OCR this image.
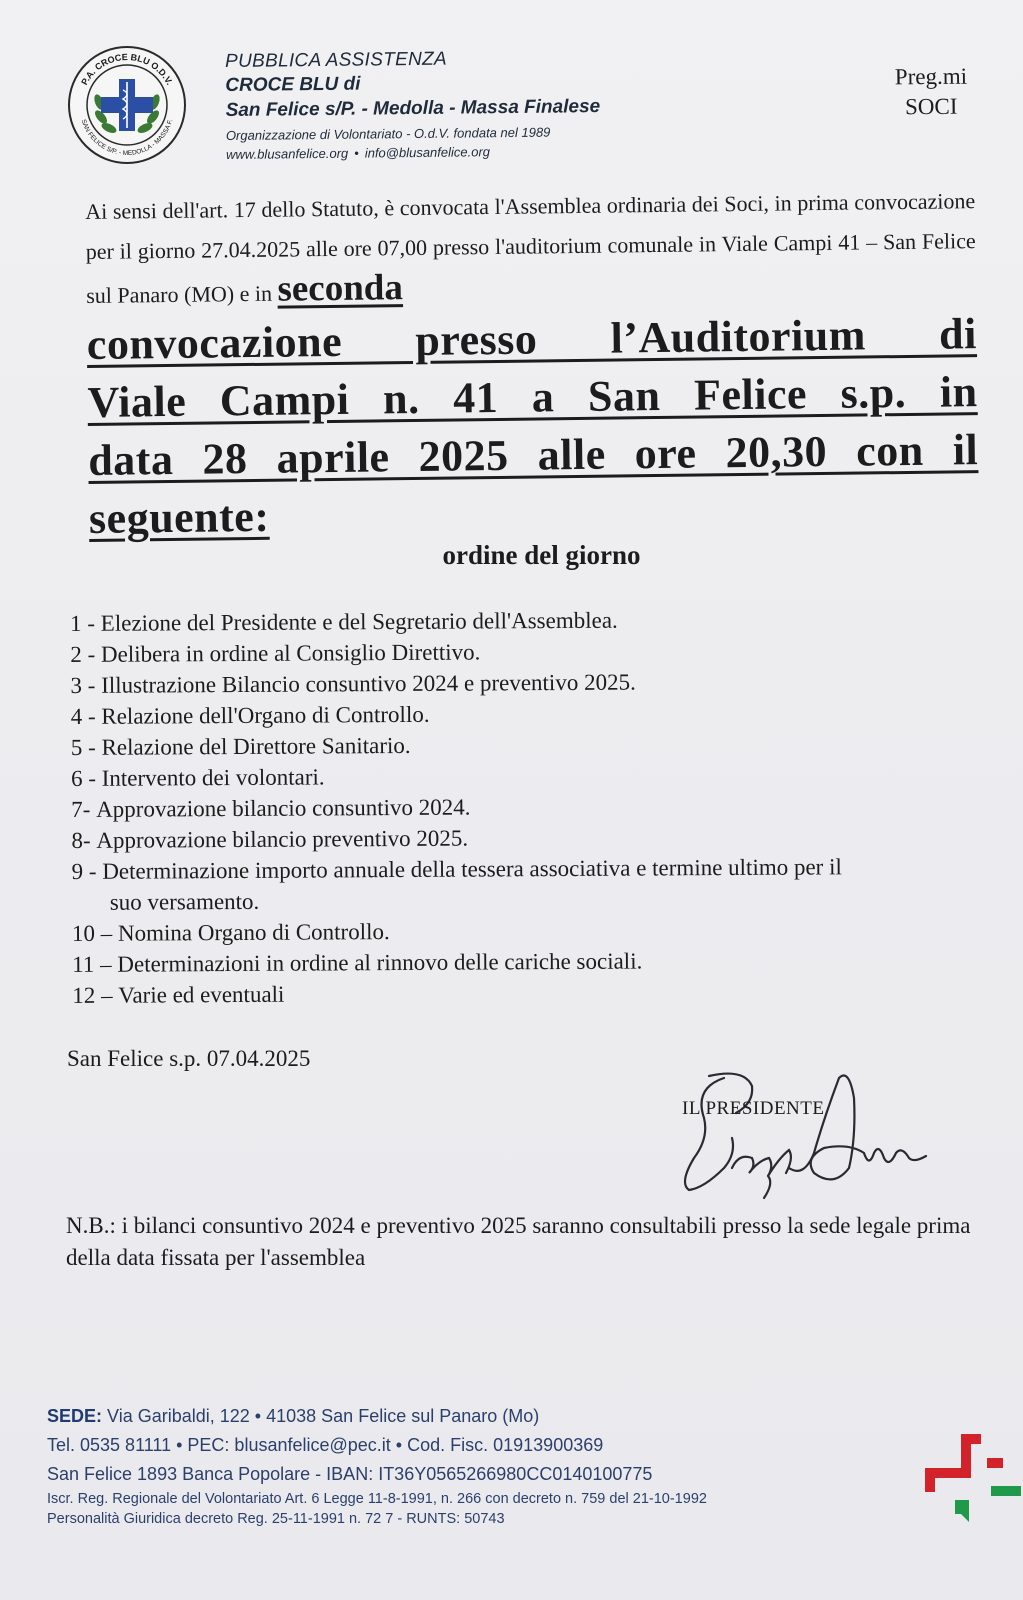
P.A. CROCE BLU O.D.V.
SAN FELICE S/P. - MEDOLLA - MASSA F.
PUBBLICA ASSISTENZA
CROCE BLU di
San Felice s/P. - Medolla - Massa Finalese
Organizzazione di Volontariato - O.d.V. fondata nel 1989
www.blusanfelice.org • info@blusanfelice.org
Preg.mi
SOCI

Ai sensi dell'art. 17 dello Statuto, è convocata l'Assemblea ordinaria dei Soci, in prima convocazione per il giorno 27.04.2025 alle ore 07,00 presso l'auditorium comunale in Viale Campi 41 – San Felice sul Panaro (MO) e in seconda

convocazione presso l’Auditorium di

Viale Campi n. 41 a San Felice s.p. in

data 28 aprile 2025 alle ore 20,30 con il

seguente:

ordine del giorno
1 - Elezione del Presidente e del Segretario dell'Assemblea.
2 - Delibera in ordine al Consiglio Direttivo.
3 - Illustrazione Bilancio consuntivo 2024 e preventivo 2025.
4 - Relazione dell'Organo di Controllo.
5 - Relazione del Direttore Sanitario.
6 - Intervento dei volontari.
7- Approvazione bilancio consuntivo 2024.
8- Approvazione bilancio preventivo 2025.
9 - Determinazione importo annuale della tessera associativa e termine ultimo per il
suo versamento.
10 – Nomina Organo di Controllo.
11 – Determinazioni in ordine al rinnovo delle cariche sociali.
12 – Varie ed eventuali
San Felice s.p. 07.04.2025
IL PRESIDENTE
N.B.: i bilanci consuntivo 2024 e preventivo 2025 saranno consultabili presso la sede legale prima della data fissata per l'assemblea
SEDE: Via Garibaldi, 122 • 41038 San Felice sul Panaro (Mo)
Tel. 0535 81111 • PEC: blusanfelice@pec.it • Cod. Fisc. 01913900369
San Felice 1893 Banca Popolare - IBAN: IT36Y0565266980CC0140100775
Iscr. Reg. Regionale del Volontariato Art. 6 Legge 11-8-1991, n. 266 con decreto n. 759 del 21-10-1992
Personalità Giuridica decreto Reg. 25-11-1991 n. 72 7 - RUNTS: 50743
